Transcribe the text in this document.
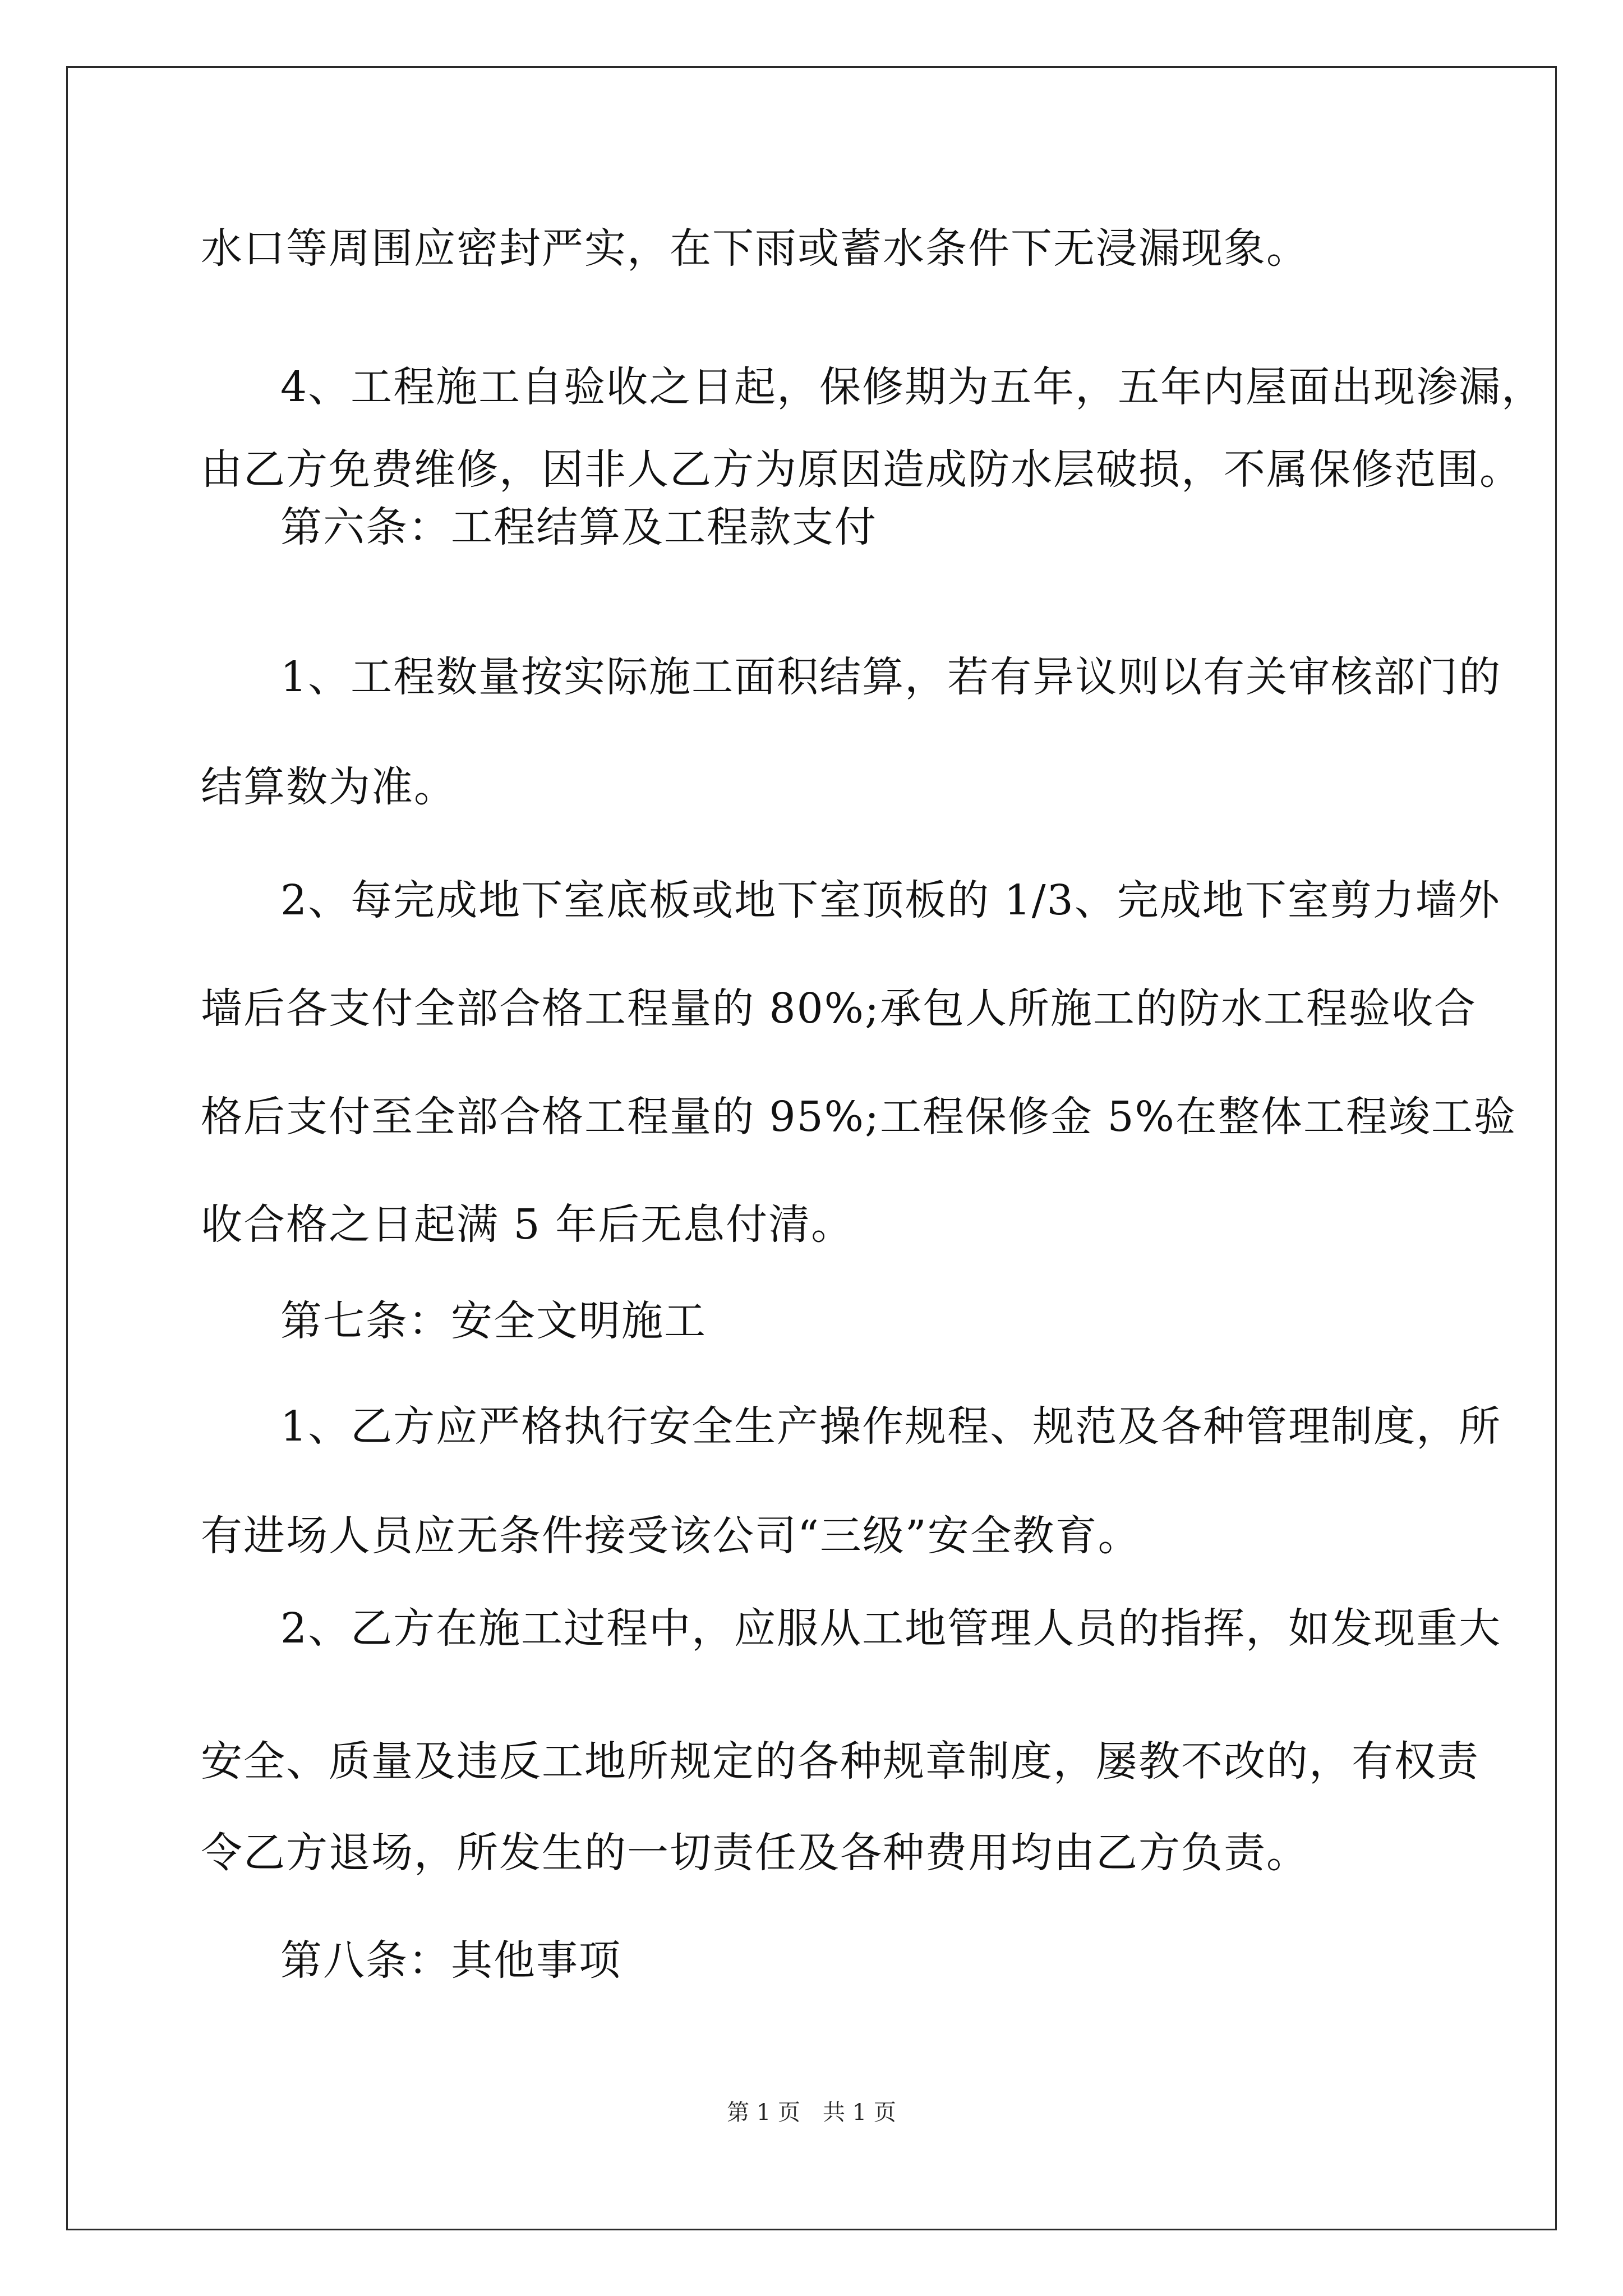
水口等周围应密封严实，在下雨或蓄水条件下无浸漏现象。
4、工程施工自验收之日起，保修期为五年，五年内屋面出现渗漏，
由乙方免费维修，因非人乙方为原因造成防水层破损，不属保修范围。
第六条：工程结算及工程款支付
1、工程数量按实际施工面积结算，若有异议则以有关审核部门的
结算数为准。
2、每完成地下室底板或地下室顶板的 1/3、完成地下室剪力墙外
墙后各支付全部合格工程量的 80%;承包人所施工的防水工程验收合
格后支付至全部合格工程量的 95%;工程保修金 5%在整体工程竣工验
收合格之日起满 5 年后无息付清。
第七条：安全文明施工
1、乙方应严格执行安全生产操作规程、规范及各种管理制度，所
有进场人员应无条件接受该公司“三级”安全教育。
2、乙方在施工过程中，应服从工地管理人员的指挥，如发现重大
安全、质量及违反工地所规定的各种规章制度，屡教不改的，有权责
令乙方退场，所发生的一切责任及各种费用均由乙方负责。
第八条：其他事项
第 1 页　共 1 页
